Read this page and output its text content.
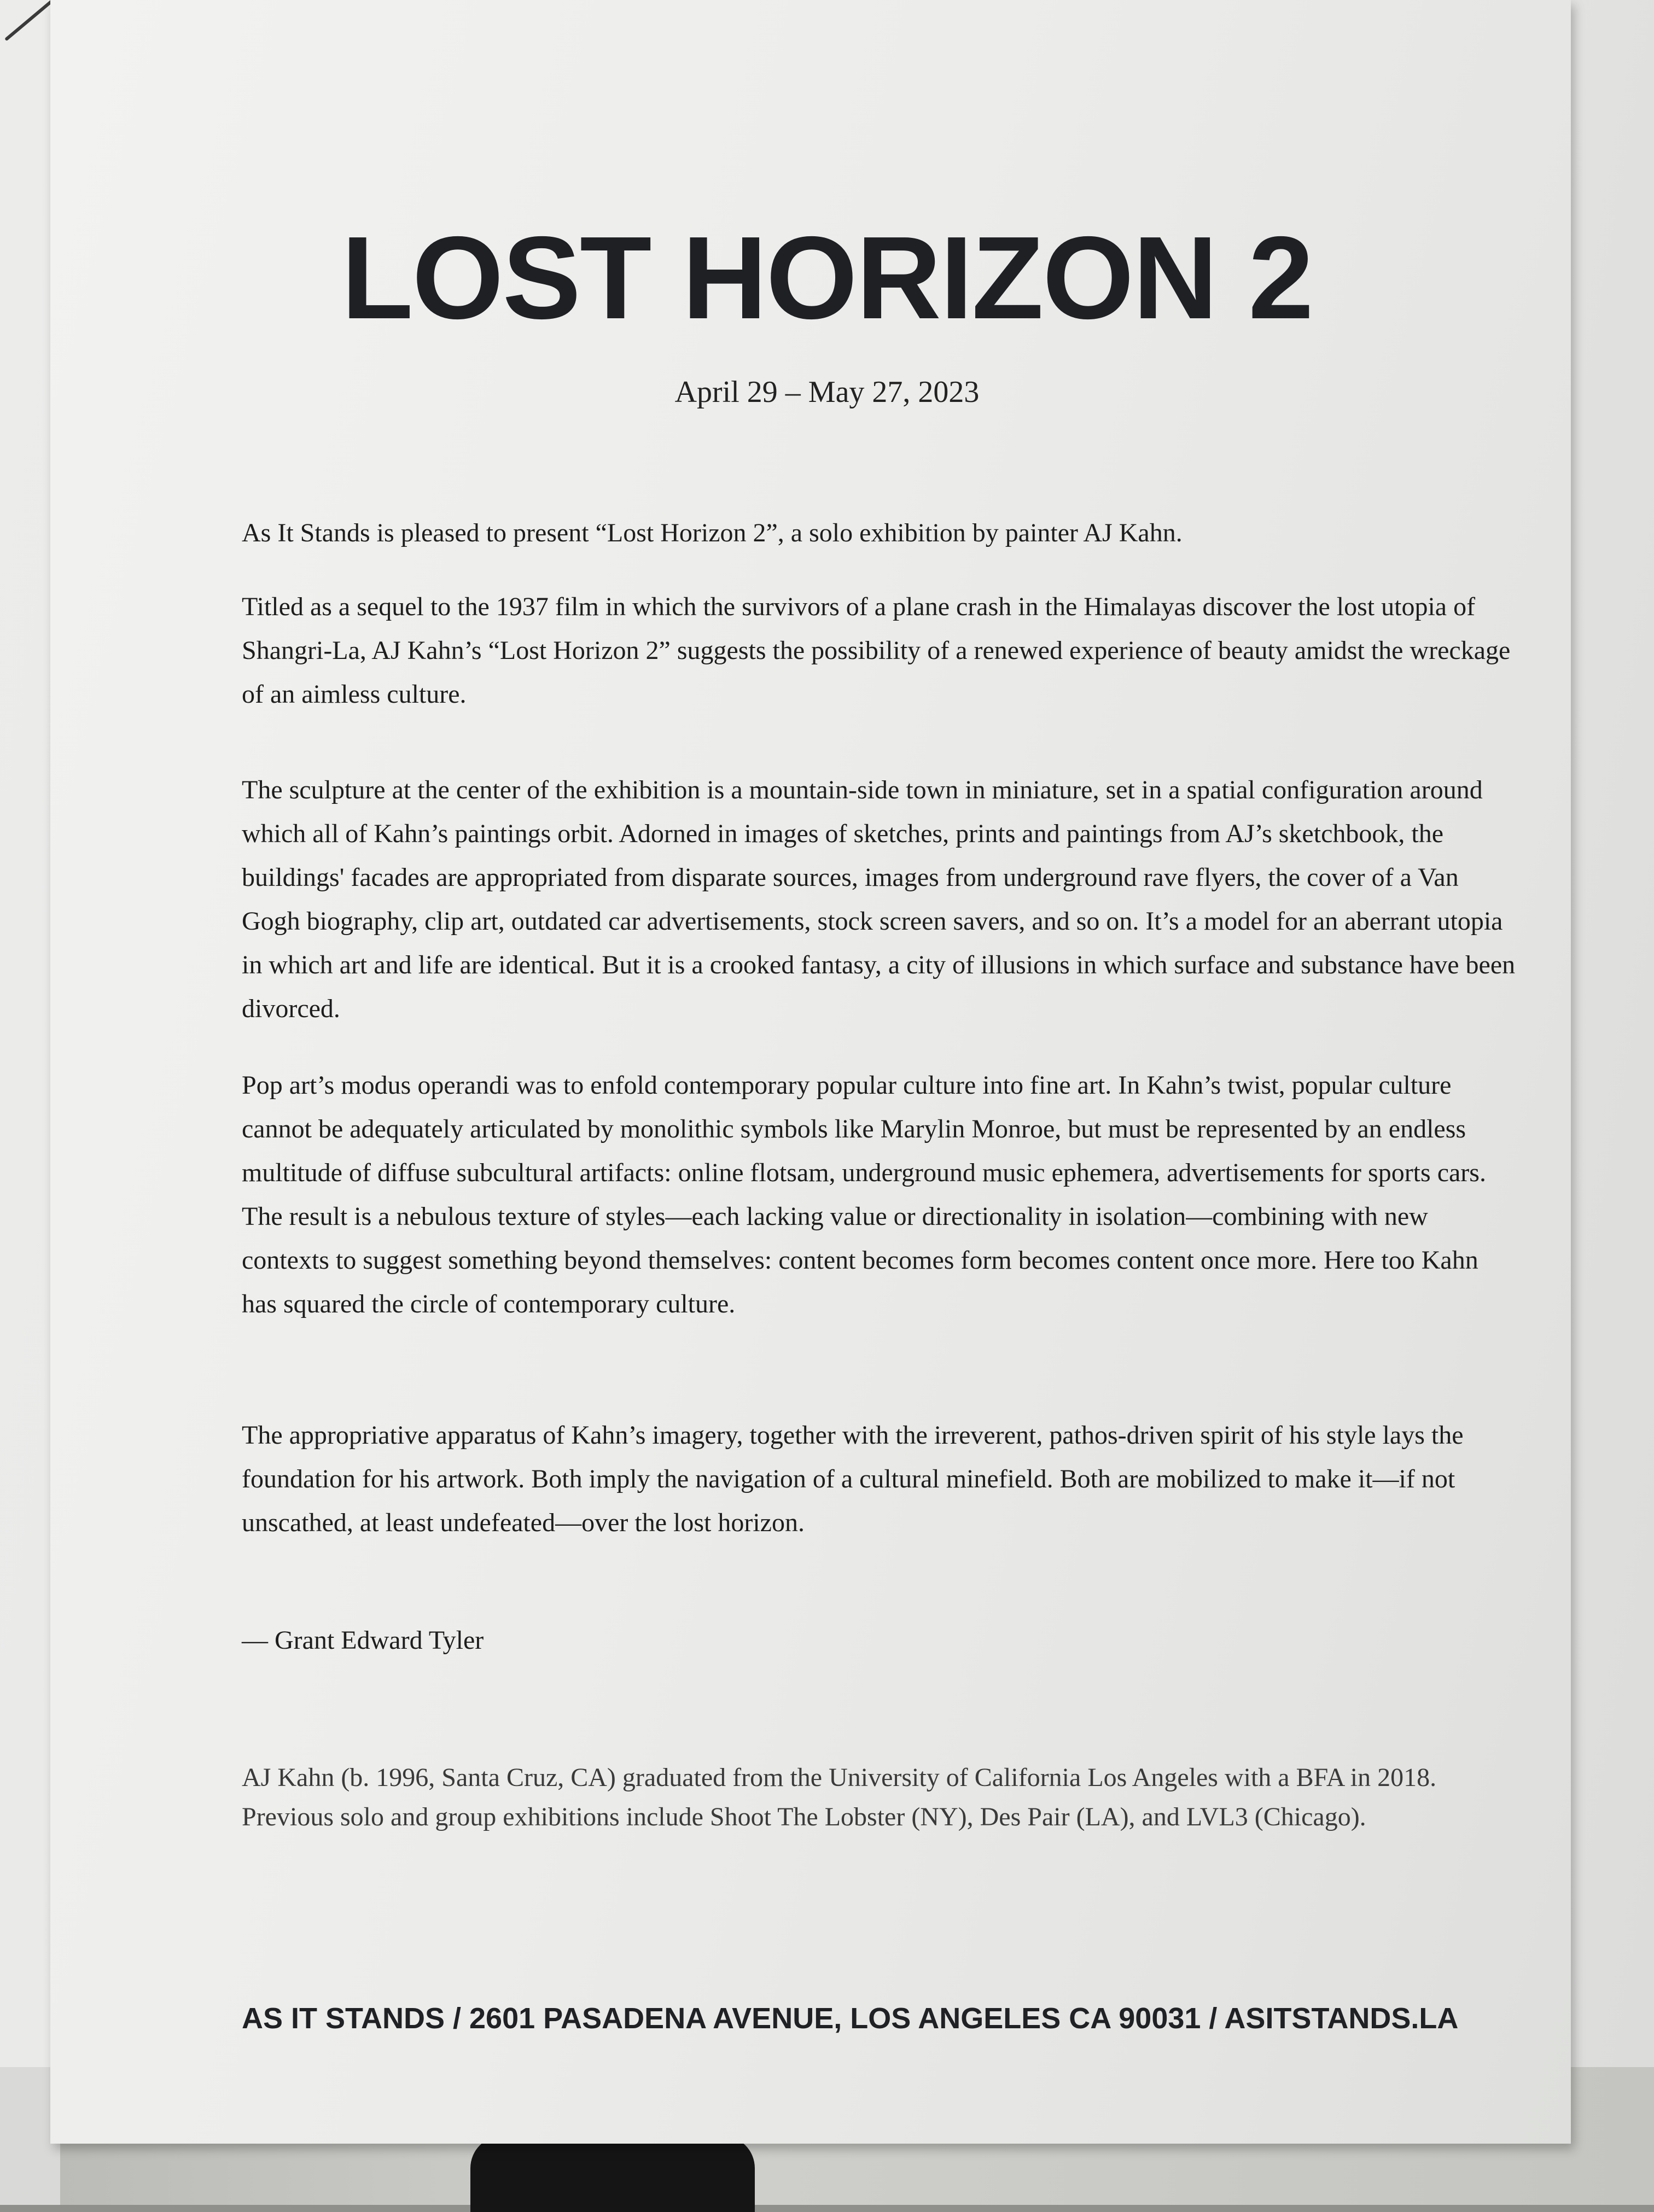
LOST HORIZON 2

April 29 – May 27, 2023

As It Stands is pleased to present “Lost Horizon 2”, a solo exhibition by painter AJ Kahn.

Titled as a sequel to the 1937 film in which the survivors of a plane crash in the Himalayas discover the lost utopia of Shangri-La, AJ Kahn’s “Lost Horizon 2” suggests the possibility of a renewed experience of beauty amidst the wreckage of an aimless culture.

The sculpture at the center of the exhibition is a mountain-side town in miniature, set in a spatial configuration around which all of Kahn’s paintings orbit. Adorned in images of sketches, prints and paintings from AJ’s sketchbook, the buildings' facades are appropriated from disparate sources, images from underground rave flyers, the cover of a Van Gogh biography, clip art, outdated car advertisements, stock screen savers, and so on. It’s a model for an aberrant utopia in which art and life are identical. But it is a crooked fantasy, a city of illusions in which surface and substance have been divorced.

Pop art’s modus operandi was to enfold contemporary popular culture into fine art. In Kahn’s twist, popular culture cannot be adequately articulated by monolithic symbols like Marylin Monroe, but must be represented by an endless multitude of diffuse subcultural artifacts: online flotsam, underground music ephemera, advertisements for sports cars. The result is a nebulous texture of styles—each lacking value or directionality in isolation—combining with new contexts to suggest something beyond themselves: content becomes form becomes content once more. Here too Kahn has squared the circle of contemporary culture.

The appropriative apparatus of Kahn’s imagery, together with the irreverent, pathos-driven spirit of his style lays the foundation for his artwork. Both imply the navigation of a cultural minefield. Both are mobilized to make it—if not unscathed, at least undefeated—over the lost horizon.

— Grant Edward Tyler

AJ Kahn (b. 1996, Santa Cruz, CA) graduated from the University of California Los Angeles with a BFA in 2018. Previous solo and group exhibitions include Shoot The Lobster (NY), Des Pair (LA), and LVL3 (Chicago).

AS IT STANDS / 2601 PASADENA AVENUE, LOS ANGELES CA 90031 / ASITSTANDS.LA
